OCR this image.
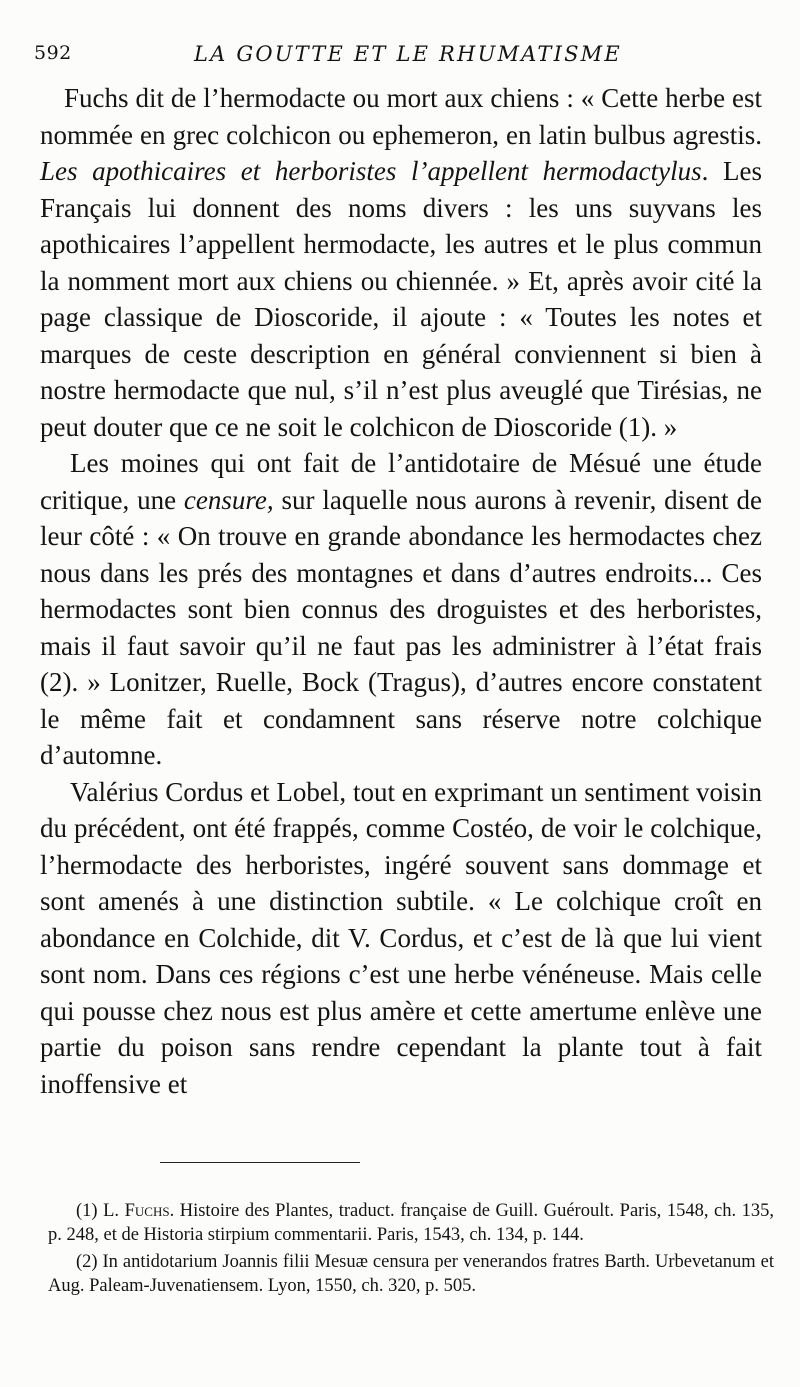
592	LA GOUTTE ET LE RHUMATISME

Fuchs dit de l’hermodacte ou mort aux chiens : « Cette herbe est nommée en grec colchicon ou ephemeron, en latin bulbus agrestis. Les apothicaires et herboristes l’appellent hermodactylus. Les Français lui donnent des noms divers : les uns suyvans les apothicaires l’appellent hermodacte, les autres et le plus commun la nomment mort aux chiens ou chiennée. » Et, après avoir cité la page classique de Dioscoride, il ajoute : « Toutes les notes et marques de ceste description en général conviennent si bien à nostre hermodacte que nul, s’il n’est plus aveuglé que Tirésias, ne peut douter que ce ne soit le colchicon de Dioscoride (1). »

Les moines qui ont fait de l’antidotaire de Mésué une étude critique, une censure, sur laquelle nous aurons à revenir, disent de leur côté : « On trouve en grande abondance les hermodactes chez nous dans les prés des montagnes et dans d’autres endroits... Ces hermodactes sont bien connus des droguistes et des herboristes, mais il faut savoir qu’il ne faut pas les administrer à l’état frais (2). » Lonitzer, Ruelle, Bock (Tragus), d’autres encore constatent le même fait et condamnent sans réserve notre colchique d’automne.

Valérius Cordus et Lobel, tout en exprimant un sentiment voisin du précédent, ont été frappés, comme Costéo, de voir le colchique, l’hermodacte des herboristes, ingéré souvent sans dommage et sont amenés à une distinction subtile. « Le colchique croît en abondance en Colchide, dit V. Cordus, et c’est de là que lui vient sont nom. Dans ces régions c’est une herbe vénéneuse. Mais celle qui pousse chez nous est plus amère et cette amertume enlève une partie du poison sans rendre cependant la plante tout à fait inoffensive et

(1) L. Fuchs. Histoire des Plantes, traduct. française de Guill. Guéroult. Paris, 1548, ch. 135, p. 248, et de Historia stirpium commentarii. Paris, 1543, ch. 134, p. 144.

(2) In antidotarium Joannis filii Mesuæ censura per venerandos fratres Barth. Urbevetanum et Aug. Paleam-Juvenatiensem. Lyon, 1550, ch. 320, p. 505.
